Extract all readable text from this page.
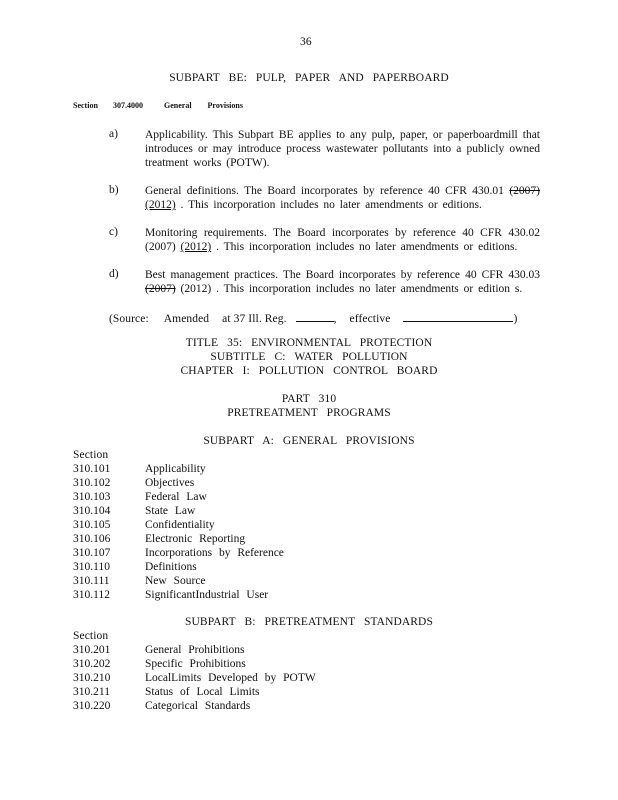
36
SUBPART BE: PULP, PAPER AND PAPERBOARD
Section 307.4000	General Provisions
a) Applicability. This Subpart BE applies to any pulp, paper, or paperboardmill that introduces or may introduce process wastewater pollutants into a publicly owned treatment works (POTW).
b) General definitions. The Board incorporates by reference 40 CFR 430.01 (2007) (2012) . This incorporation includes no later amendments or editions.
c) Monitoring requirements. The Board incorporates by reference 40 CFR 430.02 (2007) (2012) . This incorporation includes no later amendments or editions.
d) Best management practices. The Board incorporates by reference 40 CFR 430.03 (2007) (2012) . This incorporation includes no later amendments or edition s.
(Source: Amended at 37 Ill. Reg.	, effective	)
TITLE 35: ENVIRONMENTAL PROTECTION
SUBTITLE C: WATER POLLUTION
CHAPTER I: POLLUTION CONTROL BOARD
PART 310
PRETREATMENT PROGRAMS
SUBPART A: GENERAL PROVISIONS
Section
310.101	Applicability
310.102	Objectives
310.103	Federal Law
310.104	State Law
310.105	Confidentiality
310.106	Electronic Reporting
310.107	Incorporations by Reference
310.110	Definitions
310.111	New Source
310.112	SignificantIndustrial User
SUBPART B: PRETREATMENT STANDARDS
Section
310.201	General Prohibitions
310.202	Specific Prohibitions
310.210	LocalLimits Developed by POTW
310.211	Status of Local Limits
310.220	Categorical Standards
